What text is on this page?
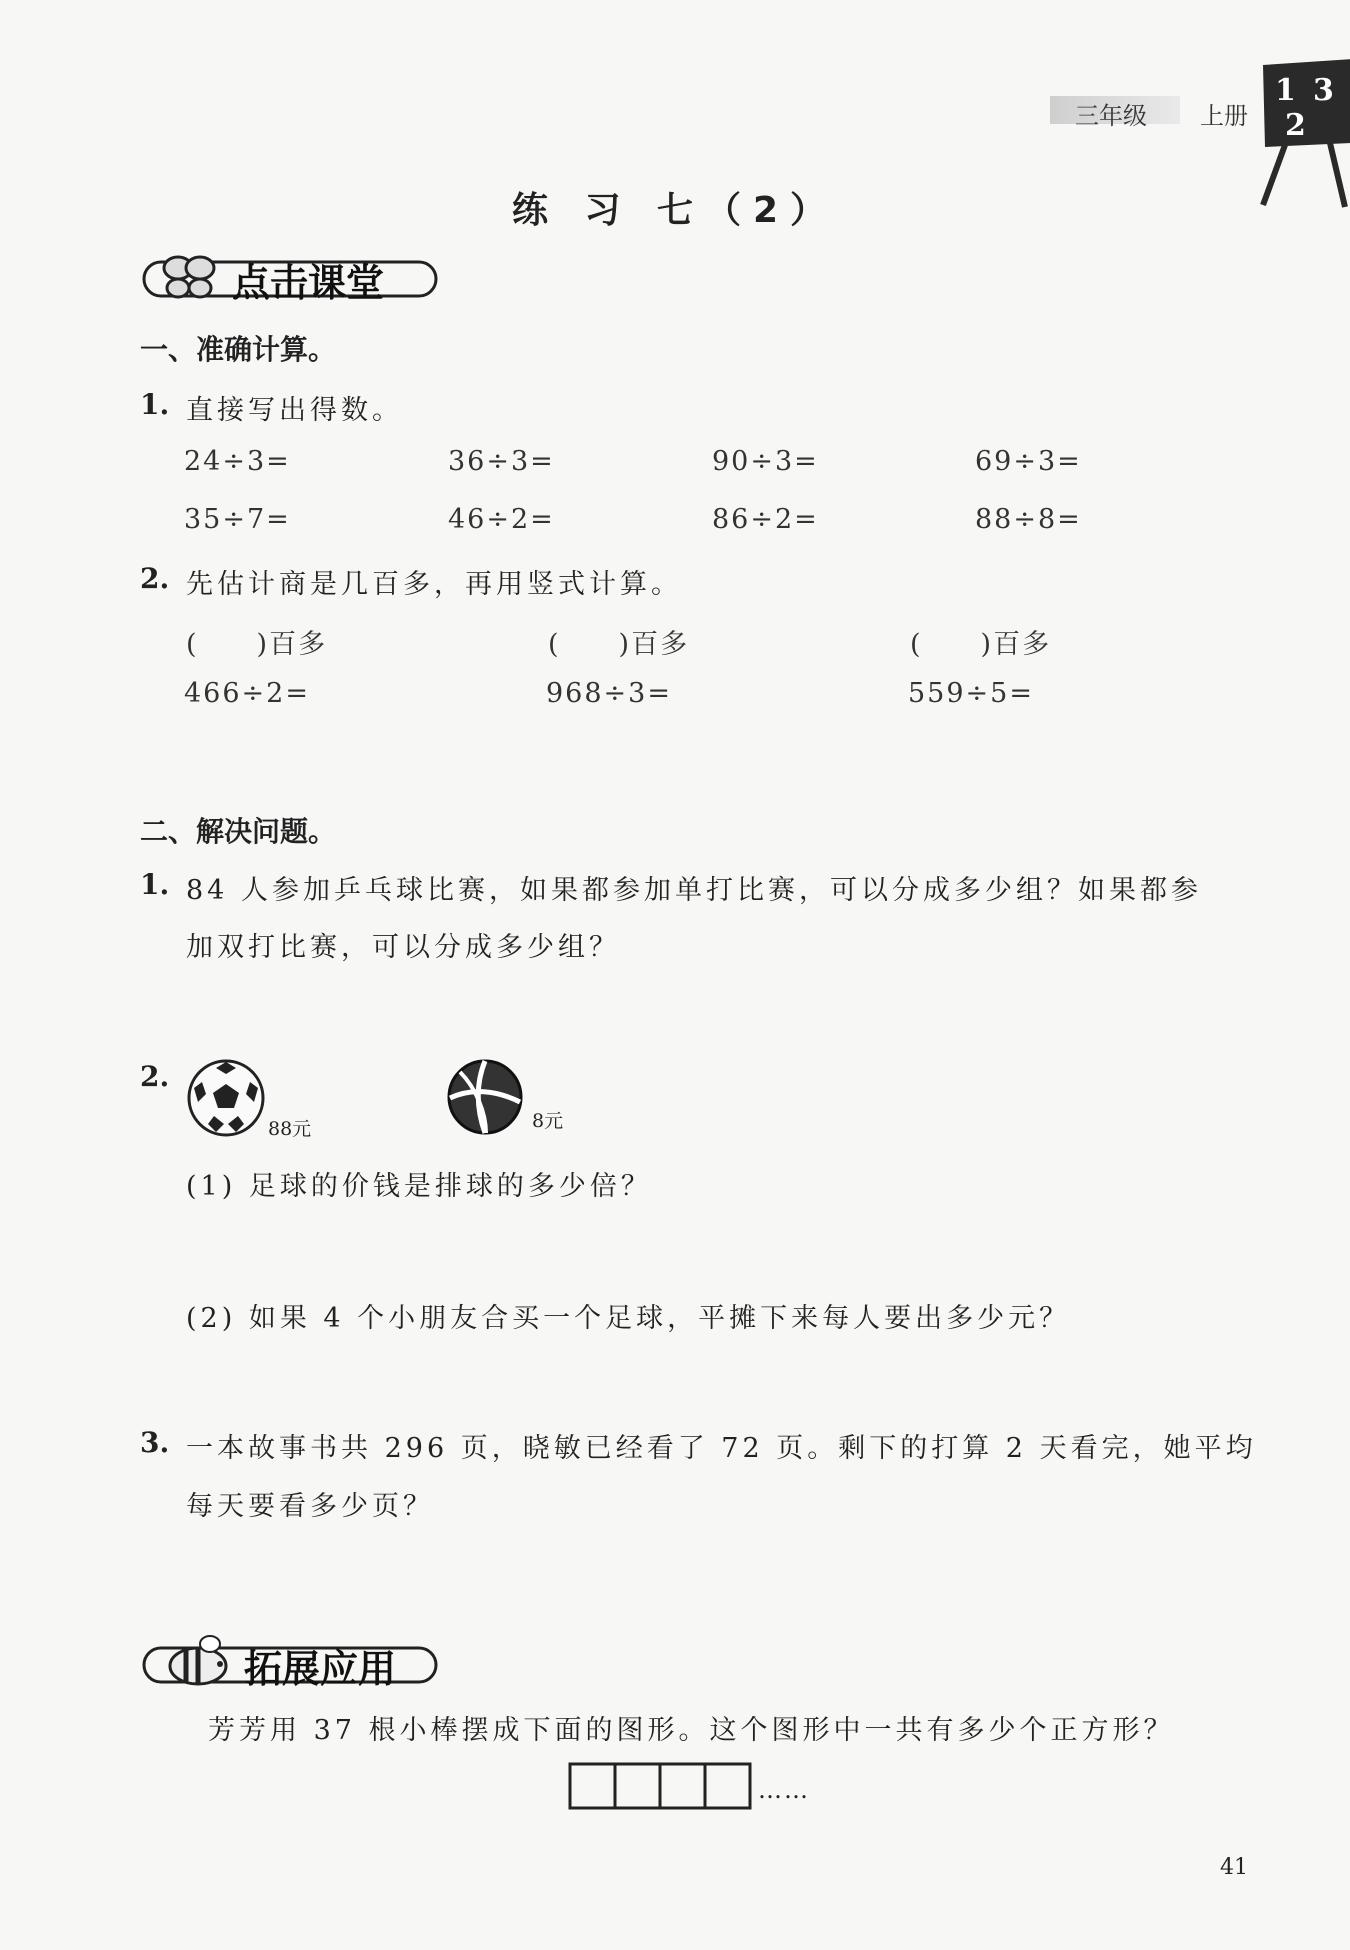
三年级 上册
1 3
2
练 习 七（2）
点击课堂
一、准确计算。
1. 直接写出得数。
24÷3=	36÷3=	90÷3=	69÷3=
35÷7=	46÷2=	86÷2=	88÷8=
2. 先估计商是几百多，再用竖式计算。
(　　)百多	(　　)百多	(　　)百多
466÷2=	968÷3=	559÷5=
二、解决问题。
1. 84 人参加乒乓球比赛，如果都参加单打比赛，可以分成多少组？如果都参
加双打比赛，可以分成多少组？
2.
88元	8元
(1) 足球的价钱是排球的多少倍？
(2) 如果 4 个小朋友合买一个足球，平摊下来每人要出多少元？
3. 一本故事书共 296 页，晓敏已经看了 72 页。剩下的打算 2 天看完，她平均
每天要看多少页？
拓展应用
芳芳用 37 根小棒摆成下面的图形。这个图形中一共有多少个正方形？
……
41
